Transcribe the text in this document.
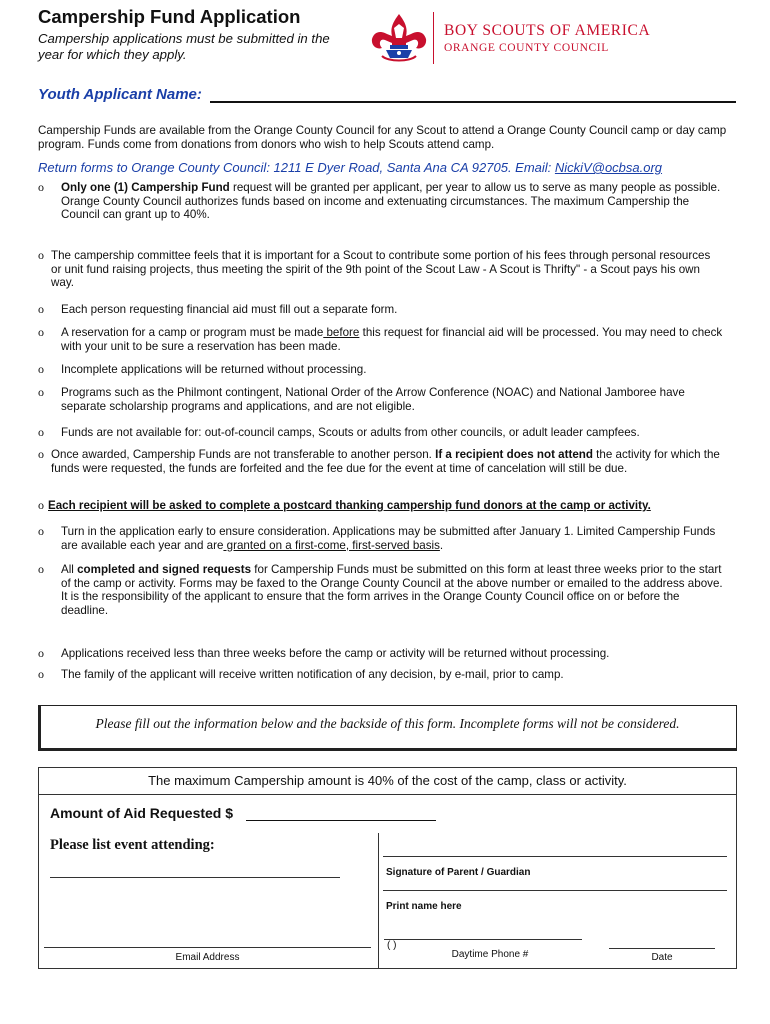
Campership Fund Application
Campership applications must be submitted in the year for which they apply.
BOY SCOUTS OF AMERICA
ORANGE COUNTY COUNCIL
Youth Applicant Name:
Campership Funds are available from the Orange County Council for any Scout to attend a Orange County Council camp or day camp program. Funds come from donations from donors who wish to help Scouts attend camp.
Return forms to Orange County Council: 1211 E Dyer Road, Santa Ana CA 92705. Email: NickiV@ocbsa.org
o Only one (1) Campership Fund request will be granted per applicant, per year to allow us to serve as many people as possible. Orange County Council authorizes funds based on income and extenuating circumstances. The maximum Campership the Council can grant up to 40%.
o The campership committee feels that it is important for a Scout to contribute some portion of his fees through personal resources or unit fund raising projects, thus meeting the spirit of the 9th point of the Scout Law - A Scout is Thrifty" - a Scout pays his own way.
o Each person requesting financial aid must fill out a separate form.
o A reservation for a camp or program must be made before this request for financial aid will be processed. You may need to check with your unit to be sure a reservation has been made.
o Incomplete applications will be returned without processing.
o Programs such as the Philmont contingent, National Order of the Arrow Conference (NOAC) and National Jamboree have separate scholarship programs and applications, and are not eligible.
o Funds are not available for: out-of-council camps, Scouts or adults from other councils, or adult leader campfees.
o Once awarded, Campership Funds are not transferable to another person. If a recipient does not attend the activity for which the funds were requested, the funds are forfeited and the fee due for the event at time of cancelation will still be due.
o Each recipient will be asked to complete a postcard thanking campership fund donors at the camp or activity.
o Turn in the application early to ensure consideration. Applications may be submitted after January 1. Limited Campership Funds are available each year and are granted on a first-come, first-served basis.
o All completed and signed requests for Campership Funds must be submitted on this form at least three weeks prior to the start of the camp or activity. Forms may be faxed to the Orange County Council at the above number or emailed to the address above. It is the responsibility of the applicant to ensure that the form arrives in the Orange County Council office on or before the deadline.
o Applications received less than three weeks before the camp or activity will be returned without processing.
o The family of the applicant will receive written notification of any decision, by e-mail, prior to camp.
Please fill out the information below and the backside of this form. Incomplete forms will not be considered.
The maximum Campership amount is 40% of the cost of the camp, class or activity.
Amount of Aid Requested $
Please list event attending:
Signature of Parent / Guardian
Print name here
Email Address
( )
Daytime Phone #	Date
